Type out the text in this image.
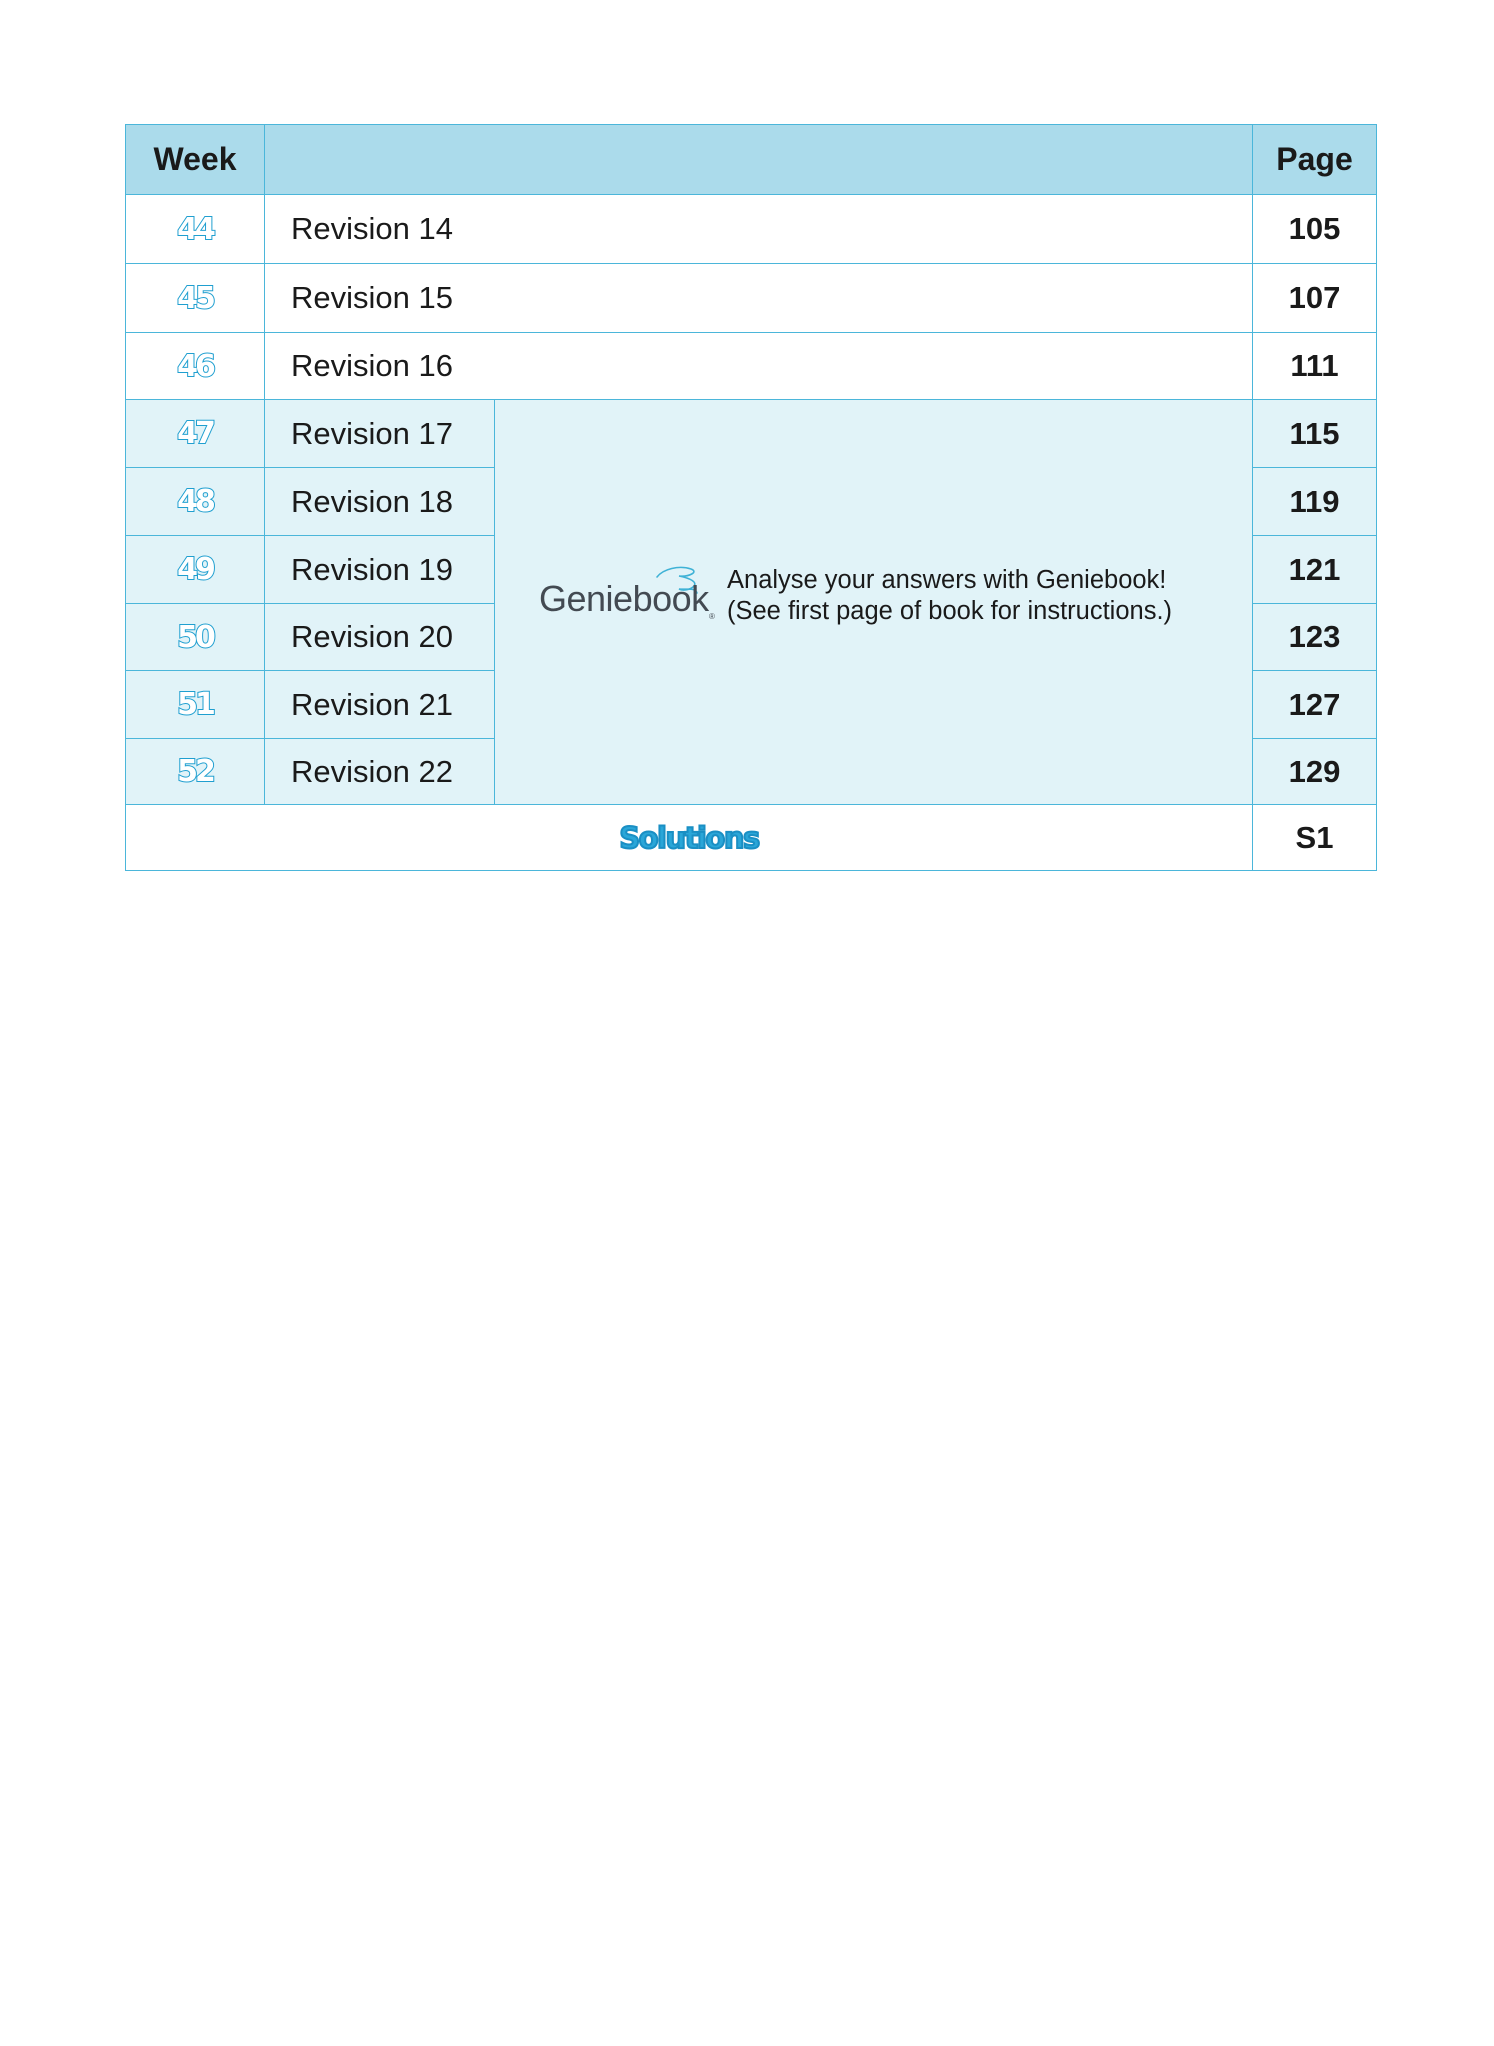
Week	Page
44	Revision 14	105
45	Revision 15	107
46	Revision 16	111
Geniebook ®
Analyse your answers with Geniebook!
(See first page of book for instructions.)
47	Revision 17	115
48	Revision 18	119
49	Revision 19	121
50	Revision 20	123
51	Revision 21	127
52	Revision 22	129
Solutions	S1
